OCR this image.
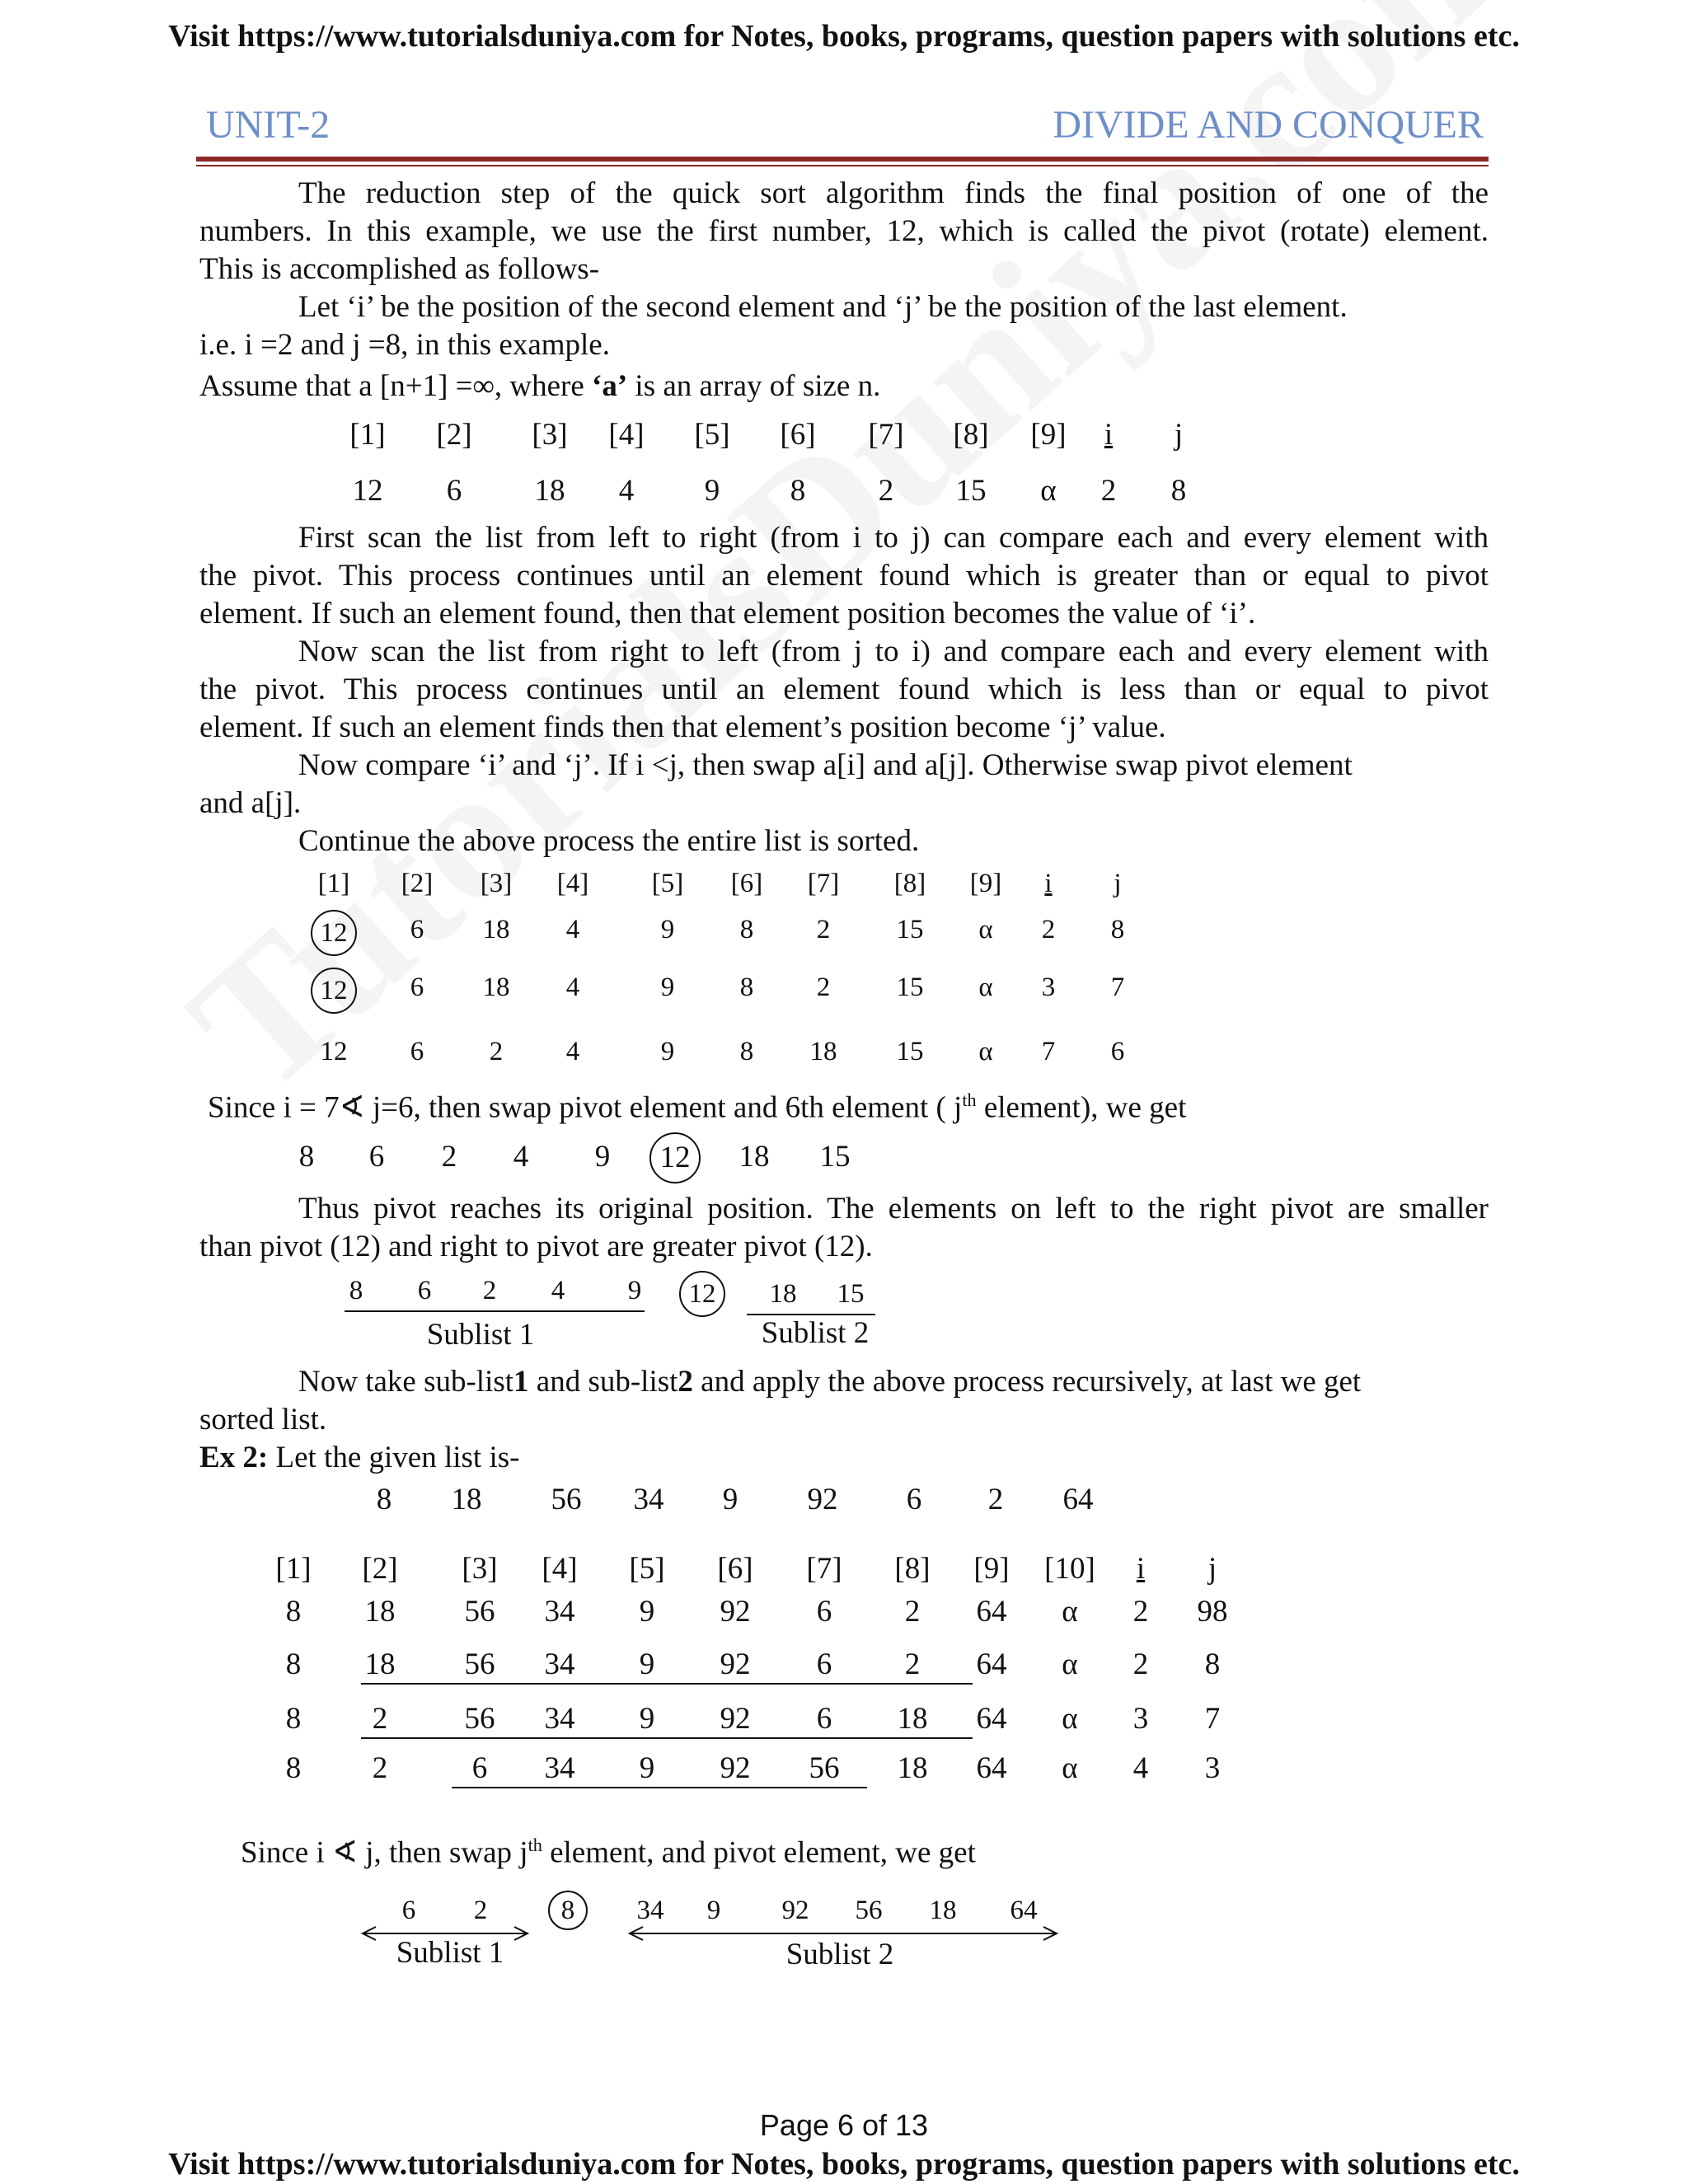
Visit https://www.tutorialsduniya.com for Notes, books, programs, question papers with solutions etc.
UNIT-2	DIVIDE AND CONQUER
The reduction step of the quick sort algorithm finds the final position of one of the
numbers. In this example, we use the first number, 12, which is called the pivot (rotate) element.
This is accomplished as follows-
Let ‘i’ be the position of the second element and ‘j’ be the position of the last element.
i.e. i =2 and j =8, in this example.
Assume that a [n+1] =∞, where ‘a’ is an array of size n.
[1] [2] [3] [4] [5] [6] [7] [8] [9] i j
12 6 18 4 9 8 2 15 α 2 8
First scan the list from left to right (from i to j) can compare each and every element with
the pivot. This process continues until an element found which is greater than or equal to pivot
element. If such an element found, then that element position becomes the value of ‘i’.
Now scan the list from right to left (from j to i) and compare each and every element with
the pivot. This process continues until an element found which is less than or equal to pivot
element. If such an element finds then that element’s position become ‘j’ value.
Now compare ‘i’ and ‘j’. If i <j, then swap a[i] and a[j]. Otherwise swap pivot element
and a[j].
Continue the above process the entire list is sorted.
[1] [2] [3] [4] [5] [6] [7] [8] [9] i j
12	6 18 4	9 8 2 15 α 2 8
12	6 18 4	9 8 2 15 α 3 7
12 6 2 4	9 8 18 15 α 7 6
Since i = 7∢ j=6, then swap pivot element and 6th element ( $j^{th}$ element), we get
8 6 2 4 9	12	18 15
Thus pivot reaches its original position. The elements on left to the right pivot are smaller
than pivot (12) and right to pivot are greater pivot (12).
8 6 2 4 9	12	18 15
Sublist 1	Sublist 2
Now take sub-list1 and sub-list2 and apply the above process recursively, at last we get
sorted list.
Ex 2: Let the given list is-
8 18 56 34 9 92 6 2 64
[1] [2] [3] [4] [5] [6] [7] [8] [9] [10] i j
8 18 56 34 9 92 6 2 64 α 2 98
8 18 56 34 9 92 6 2 64 α 2 8
8 2	56 34 9 92 6 18 64 α 3 7
8 2	6 34 9 92 56 18 64 α 4 3
Since i ∢ j, then swap $j^{th}$ element, and pivot element, we get
6 2	8	34 9 92 56 18 64
Sublist 1	Sublist 2
Page 6 of 13
Visit https://www.tutorialsduniya.com for Notes, books, programs, question papers with solutions etc.
